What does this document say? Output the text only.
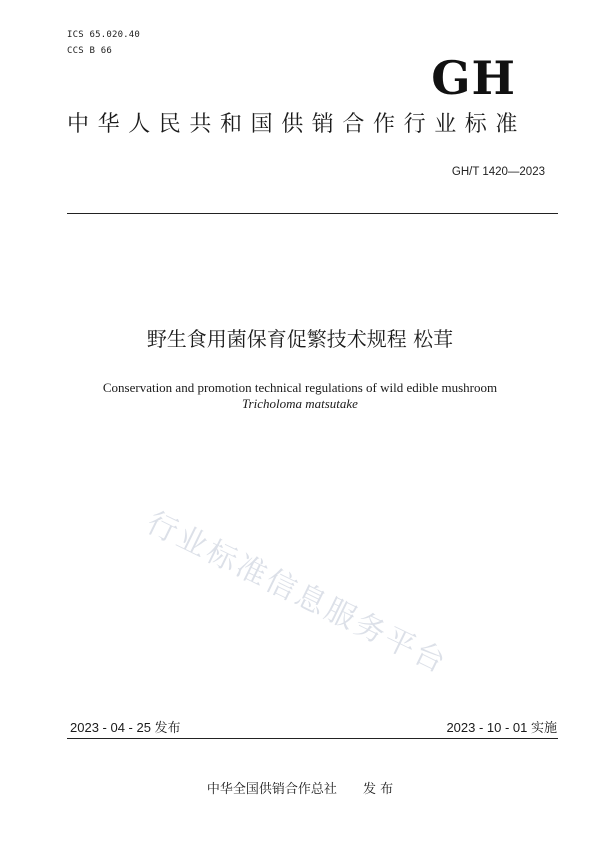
ICS 65.020.40
CCS B 66	GH
中华人民共和国供销合作行业标准
GH/T 1420—2023
野生食用菌保育促繁技术规程 松茸
Conservation and promotion technical regulations of wild edible mushroom
Tricholoma matsutake
行业标准信息服务平台
2023 - 04 - 25 发布	2023 - 10 - 01 实施
中华全国供销合作总社 发 布
